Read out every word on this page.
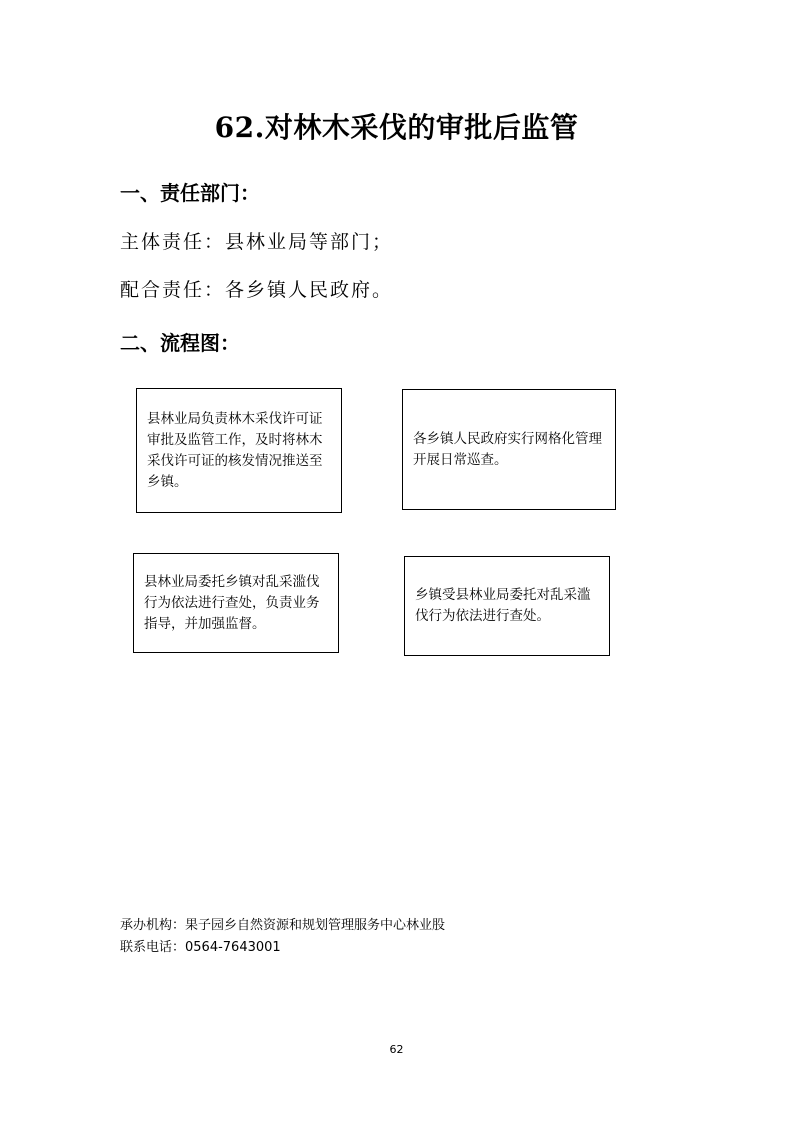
62.对林木采伐的审批后监管
一、责任部门：
主体责任：县林业局等部门；
配合责任：各乡镇人民政府。
二、流程图：
县林业局负责林木采伐许可证审批及监管工作，及时将林木采伐许可证的核发情况推送至乡镇。
各乡镇人民政府实行网格化管理开展日常巡查。
县林业局委托乡镇对乱采滥伐行为依法进行查处，负责业务指导，并加强监督。
乡镇受县林业局委托对乱采滥伐行为依法进行查处。
承办机构：果子园乡自然资源和规划管理服务中心林业股
联系电话：0564-7643001
62
